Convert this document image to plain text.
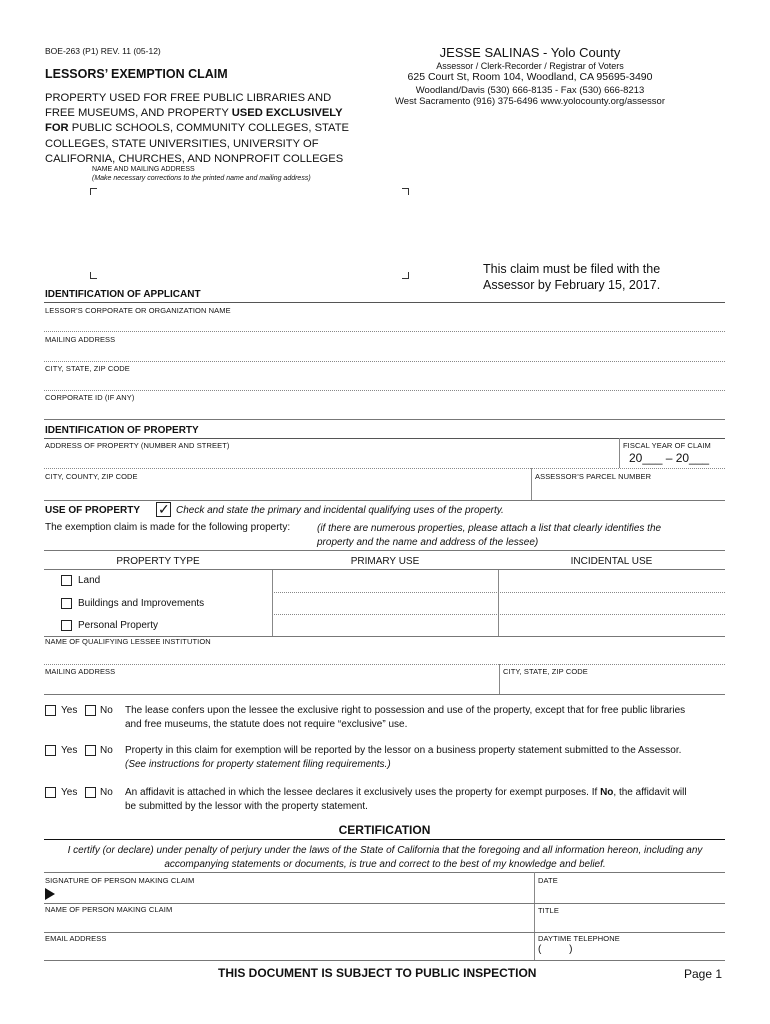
BOE-263 (P1) REV. 11 (05-12)
LESSORS’ EXEMPTION CLAIM
PROPERTY USED FOR FREE PUBLIC LIBRARIES AND
FREE MUSEUMS, AND PROPERTY USED EXCLUSIVELY
FOR PUBLIC SCHOOLS, COMMUNITY COLLEGES, STATE
COLLEGES, STATE UNIVERSITIES, UNIVERSITY OF
CALIFORNIA, CHURCHES, AND NONPROFIT COLLEGES
JESSE SALINAS - Yolo County
Assessor / Clerk-Recorder / Registrar of Voters
625 Court St, Room 104, Woodland, CA 95695-3490
Woodland/Davis (530) 666-8135 - Fax (530) 666-8213
West Sacramento (916) 375-6496 www.yolocounty.org/assessor
NAME AND MAILING ADDRESS
(Make necessary corrections to the printed name and mailing address)
This claim must be filed with the
Assessor by February 15, 2017.
IDENTIFICATION OF APPLICANT
LESSOR’S CORPORATE OR ORGANIZATION NAME
MAILING ADDRESS
CITY, STATE, ZIP CODE
CORPORATE ID (IF ANY)
IDENTIFICATION OF PROPERTY
ADDRESS OF PROPERTY (NUMBER AND STREET)	FISCAL YEAR OF CLAIM
20___ – 20___
CITY, COUNTY, ZIP CODE	ASSESSOR’S PARCEL NUMBER
USE OF PROPERTY ✓ Check and state the primary and incidental qualifying uses of the property.
The exemption claim is made for the following property:	(if there are numerous properties, please attach a list that clearly identifies the
property and the name and address of the lessee)
PROPERTY TYPE	PRIMARY USE	INCIDENTAL USE
Land
Buildings and Improvements
Personal Property
NAME OF QUALIFYING LESSEE INSTITUTION
MAILING ADDRESS	CITY, STATE, ZIP CODE
Yes No The lease confers upon the lessee the exclusive right to possession and use of the property, except that for free public libraries
and free museums, the statute does not require “exclusive” use.
Yes No Property in this claim for exemption will be reported by the lessor on a business property statement submitted to the Assessor.
(See instructions for property statement filing requirements.)
Yes No An affidavit is attached in which the lessee declares it exclusively uses the property for exempt purposes. If No, the affidavit will
be submitted by the lessor with the property statement.
CERTIFICATION
I certify (or declare) under penalty of perjury under the laws of the State of California that the foregoing and all information hereon, including any
accompanying statements or documents, is true and correct to the best of my knowledge and belief.
SIGNATURE OF PERSON MAKING CLAIM	DATE
NAME OF PERSON MAKING CLAIM	TITLE
EMAIL ADDRESS	DAYTIME TELEPHONE
(          )
THIS DOCUMENT IS SUBJECT TO PUBLIC INSPECTION	Page 1
